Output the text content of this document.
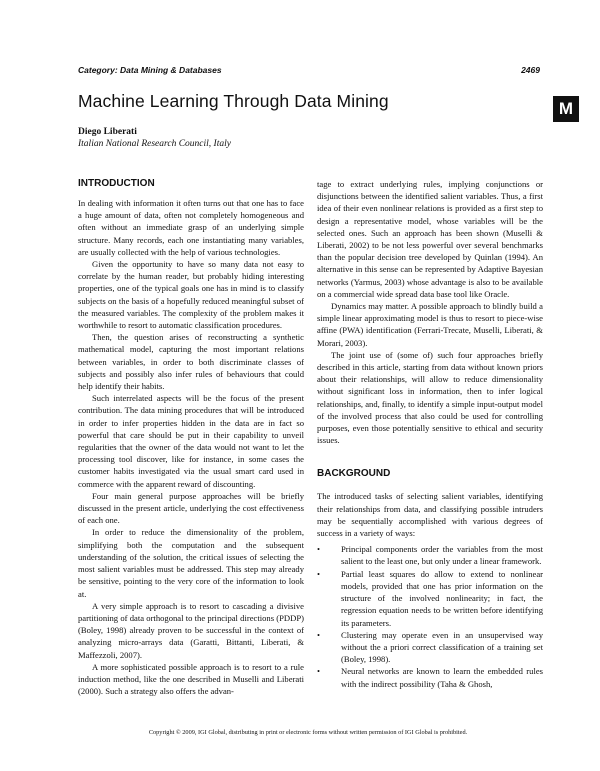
Category: Data Mining & Databases	2469
M
Machine Learning Through Data Mining
Diego Liberati
Italian National Research Council, Italy
INTRODUCTION

In dealing with information it often turns out that one has to face a huge amount of data, often not completely homogeneous and often without an immediate grasp of an underlying simple structure. Many records, each one instantiating many variables, are usually collected with the help of various technologies.

Given the opportunity to have so many data not easy to correlate by the human reader, but probably hiding interesting properties, one of the typical goals one has in mind is to classify subjects on the basis of a hopefully reduced meaningful subset of the measured variables. The complexity of the problem makes it worthwhile to resort to automatic classification procedures.

Then, the question arises of reconstructing a synthetic mathematical model, capturing the most important relations between variables, in order to both discriminate classes of subjects and possibly also infer rules of behaviours that could help identify their habits.

Such interrelated aspects will be the focus of the present contribution. The data mining procedures that will be introduced in order to infer properties hidden in the data are in fact so powerful that care should be put in their capability to unveil regularities that the owner of the data would not want to let the processing tool discover, like for instance, in some cases the customer habits investigated via the usual smart card used in commerce with the apparent reward of discounting.

Four main general purpose approaches will be briefly discussed in the present article, underlying the cost effectiveness of each one.

In order to reduce the dimensionality of the problem, simplifying both the computation and the subsequent understanding of the solution, the critical issues of selecting the most salient variables must be addressed. This step may already be sensitive, pointing to the very core of the information to look at.

A very simple approach is to resort to cascading a divisive partitioning of data orthogonal to the principal directions (PDDP) (Boley, 1998) already proven to be successful in the context of analyzing micro-arrays data (Garatti, Bittanti, Liberati, & Maffezzoli, 2007).

A more sophisticated possible approach is to resort to a rule induction method, like the one described in Muselli and Liberati (2000). Such a strategy also offers the advan-

tage to extract underlying rules, implying conjunctions or disjunctions between the identified salient variables. Thus, a first idea of their even nonlinear relations is provided as a first step to design a representative model, whose variables will be the selected ones. Such an approach has been shown (Muselli & Liberati, 2002) to be not less powerful over several benchmarks than the popular decision tree developed by Quinlan (1994). An alternative in this sense can be represented by Adaptive Bayesian networks (Yarmus, 2003) whose advantage is also to be available on a commercial wide spread data base tool like Oracle.

Dynamics may matter. A possible approach to blindly build a simple linear approximating model is thus to resort to piece-wise affine (PWA) identification (Ferrari-Trecate, Muselli, Liberati, & Morari, 2003).

The joint use of (some of) such four approaches briefly described in this article, starting from data without known priors about their relationships, will allow to reduce dimensionality without significant loss in information, then to infer logical relationships, and, finally, to identify a simple input-output model of the involved process that also could be used for controlling purposes, even those potentially sensitive to ethical and security issues.

BACKGROUND

The introduced tasks of selecting salient variables, identifying their relationships from data, and classifying possible intruders may be sequentially accomplished with various degrees of success in a variety of ways:

• Principal components order the variables from the most salient to the least one, but only under a linear framework.
• Partial least squares do allow to extend to nonlinear models, provided that one has prior information on the structure of the involved nonlinearity; in fact, the regression equation needs to be written before identifying its parameters.
• Clustering may operate even in an unsupervised way without the a priori correct classification of a training set (Boley, 1998).
• Neural networks are known to learn the embedded rules with the indirect possibility (Taha & Ghosh,
Copyright © 2009, IGI Global, distributing in print or electronic forms without written permission of IGI Global is prohibited.
